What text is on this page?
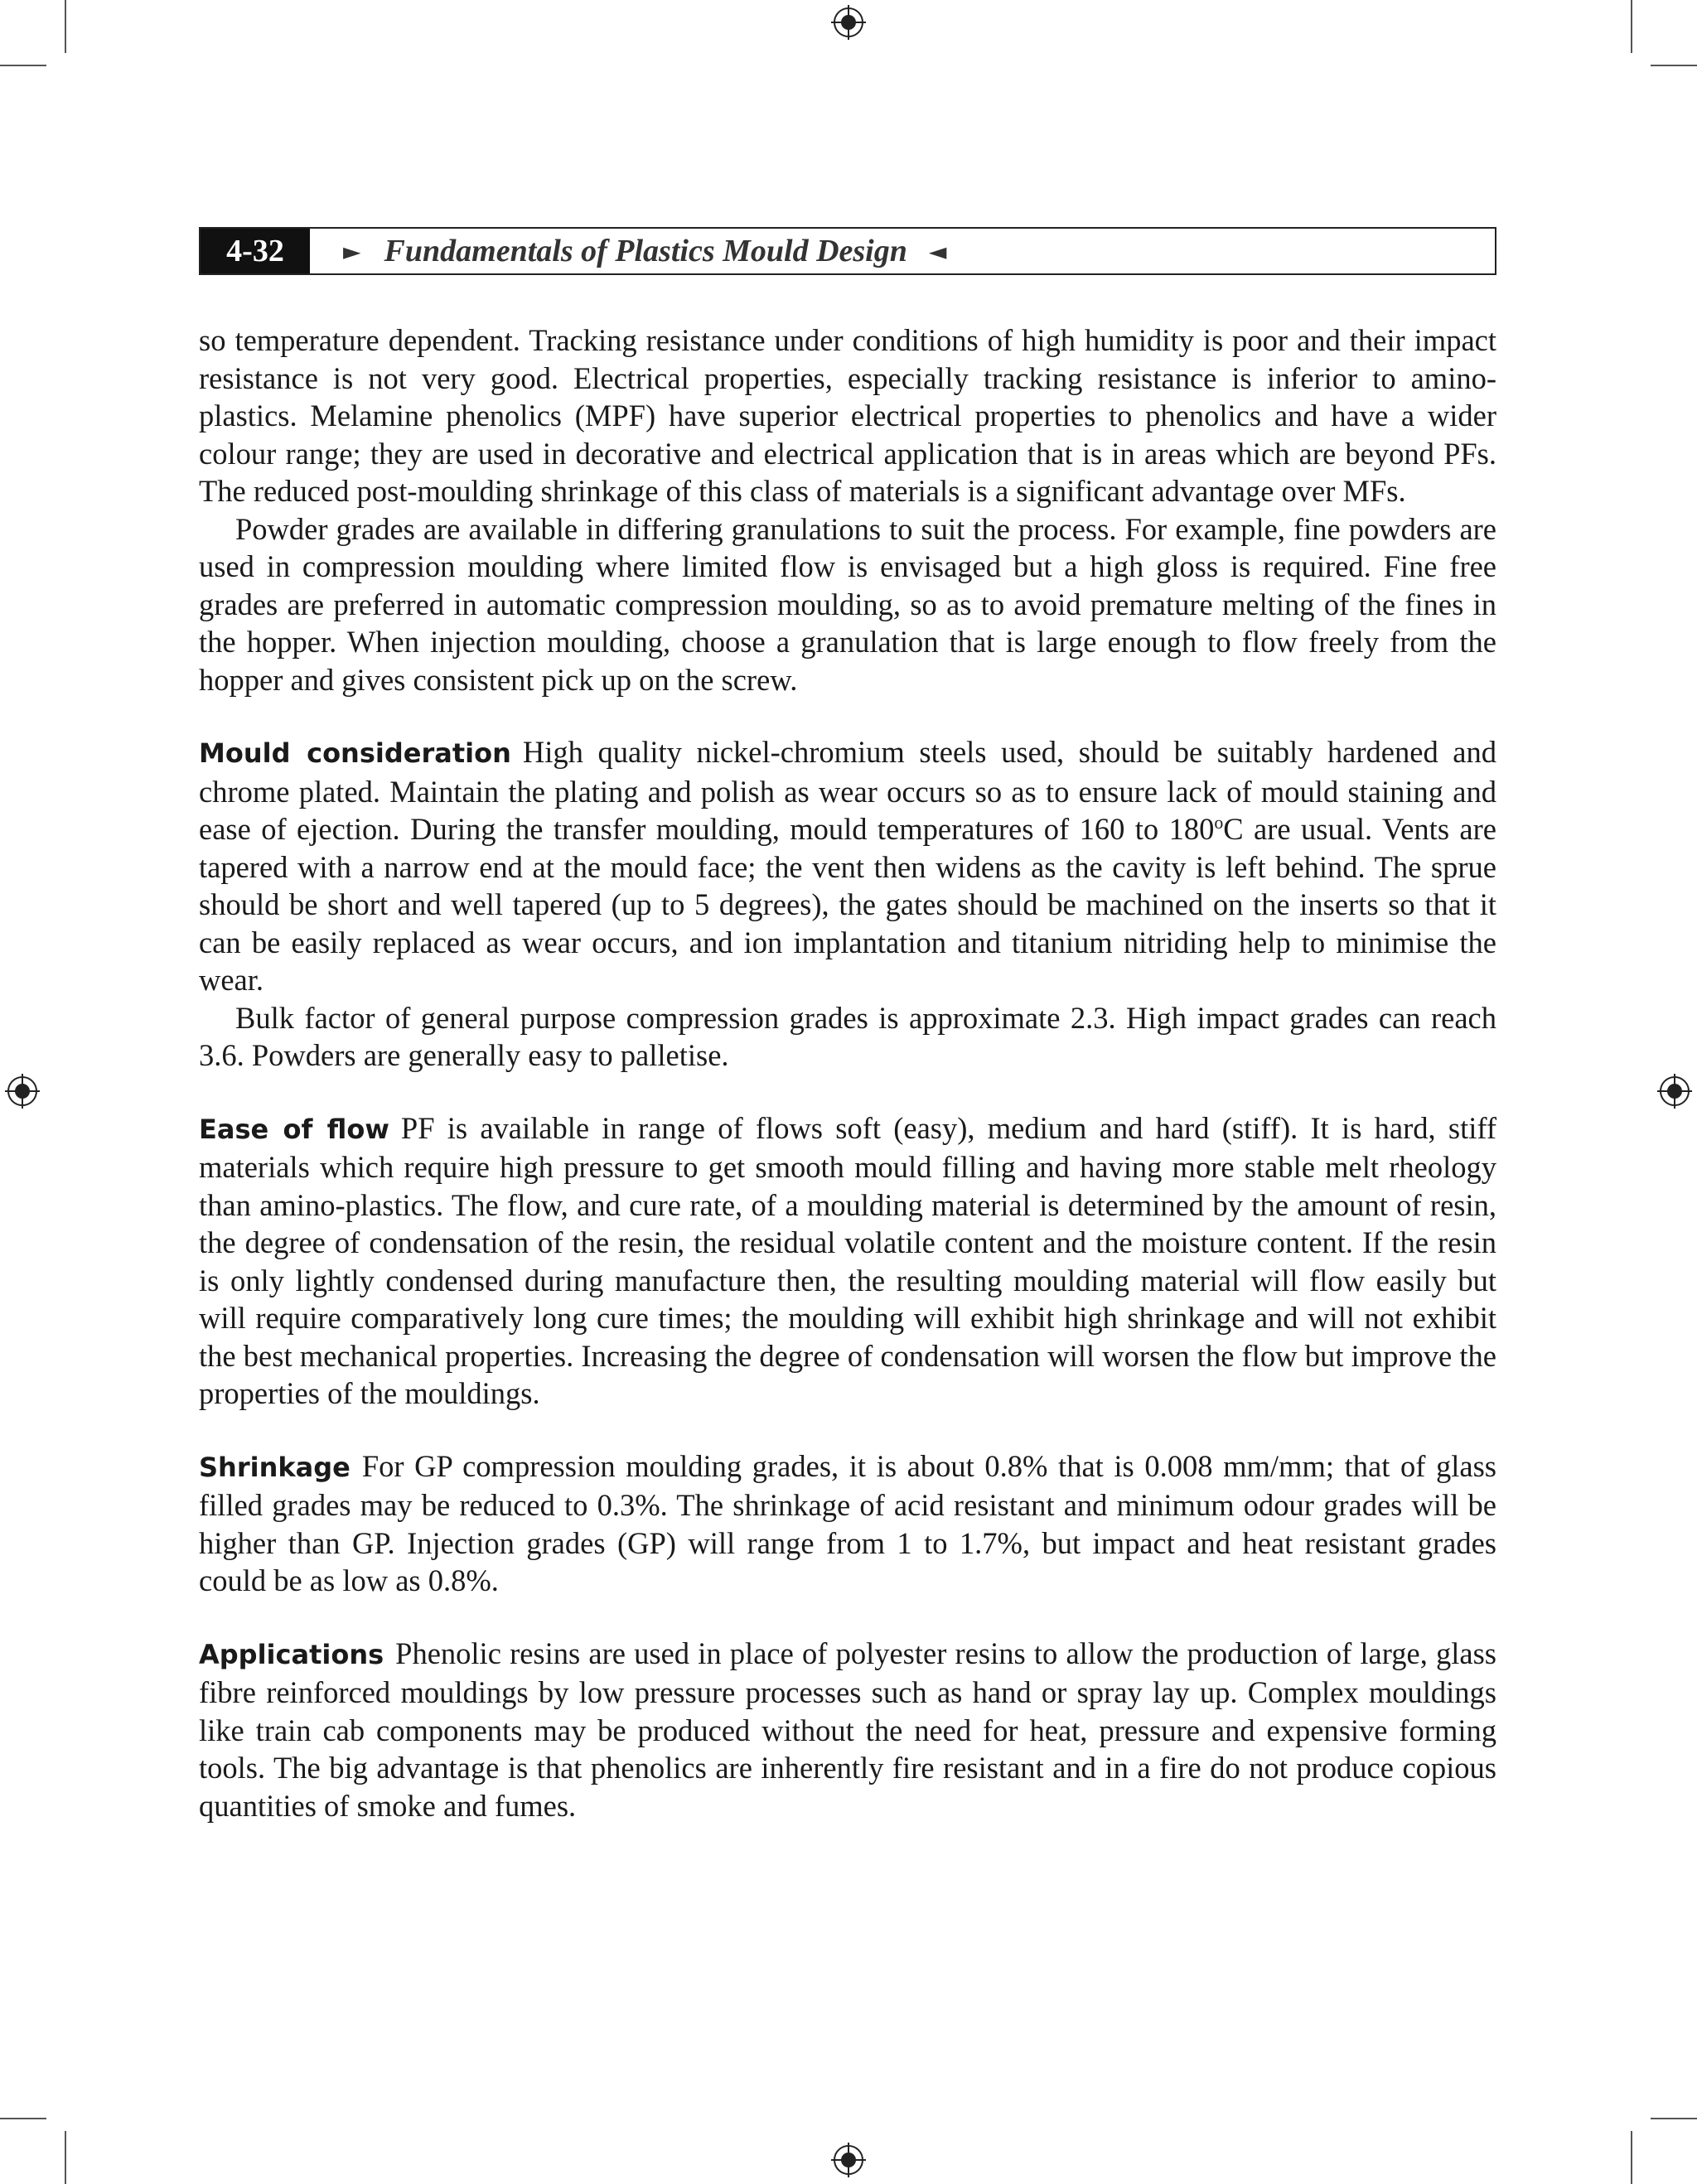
4-32	► Fundamentals of Plastics Mould Design ◄

so temperature dependent. Tracking resistance under conditions of high humidity is poor and their impact resistance is not very good. Electrical properties, especially tracking resistance is inferior to amino-plastics. Melamine phenolics (MPF) have superior electrical properties to phenolics and have a wider colour range; they are used in decorative and electrical application that is in areas which are beyond PFs. The reduced post-moulding shrinkage of this class of materials is a significant advantage over MFs.

Powder grades are available in differing granulations to suit the process. For example, fine powders are used in compression moulding where limited flow is envisaged but a high gloss is required. Fine free grades are preferred in automatic compression moulding, so as to avoid premature melting of the fines in the hopper. When injection moulding, choose a granulation that is large enough to flow freely from the hopper and gives consistent pick up on the screw.

Mould consideration High quality nickel-chromium steels used, should be suitably hardened and chrome plated. Maintain the plating and polish as wear occurs so as to ensure lack of mould staining and ease of ejection. During the transfer moulding, mould temperatures of 160 to 180$^o$C are usual. Vents are tapered with a narrow end at the mould face; the vent then widens as the cavity is left behind. The sprue should be short and well tapered (up to 5 degrees), the gates should be machined on the inserts so that it can be easily replaced as wear occurs, and ion implantation and titanium nitriding help to minimise the wear.

Bulk factor of general purpose compression grades is approximate 2.3. High impact grades can reach 3.6. Powders are generally easy to palletise.

Ease of flow PF is available in range of flows soft (easy), medium and hard (stiff). It is hard, stiff materials which require high pressure to get smooth mould filling and having more stable melt rheology than amino-plastics. The flow, and cure rate, of a moulding material is determined by the amount of resin, the degree of condensation of the resin, the residual volatile content and the moisture content. If the resin is only lightly condensed during manufacture then, the resulting moulding material will flow easily but will require comparatively long cure times; the moulding will exhibit high shrinkage and will not exhibit the best mechanical properties. Increasing the degree of condensation will worsen the flow but improve the properties of the mouldings.

Shrinkage For GP compression moulding grades, it is about 0.8% that is 0.008 mm/mm; that of glass filled grades may be reduced to 0.3%. The shrinkage of acid resistant and minimum odour grades will be higher than GP. Injection grades (GP) will range from 1 to 1.7%, but impact and heat resistant grades could be as low as 0.8%.

Applications Phenolic resins are used in place of polyester resins to allow the production of large, glass fibre reinforced mouldings by low pressure processes such as hand or spray lay up. Complex mouldings like train cab components may be produced without the need for heat, pressure and expensive forming tools. The big advantage is that phenolics are inherently fire resistant and in a fire do not produce copious quantities of smoke and fumes.
